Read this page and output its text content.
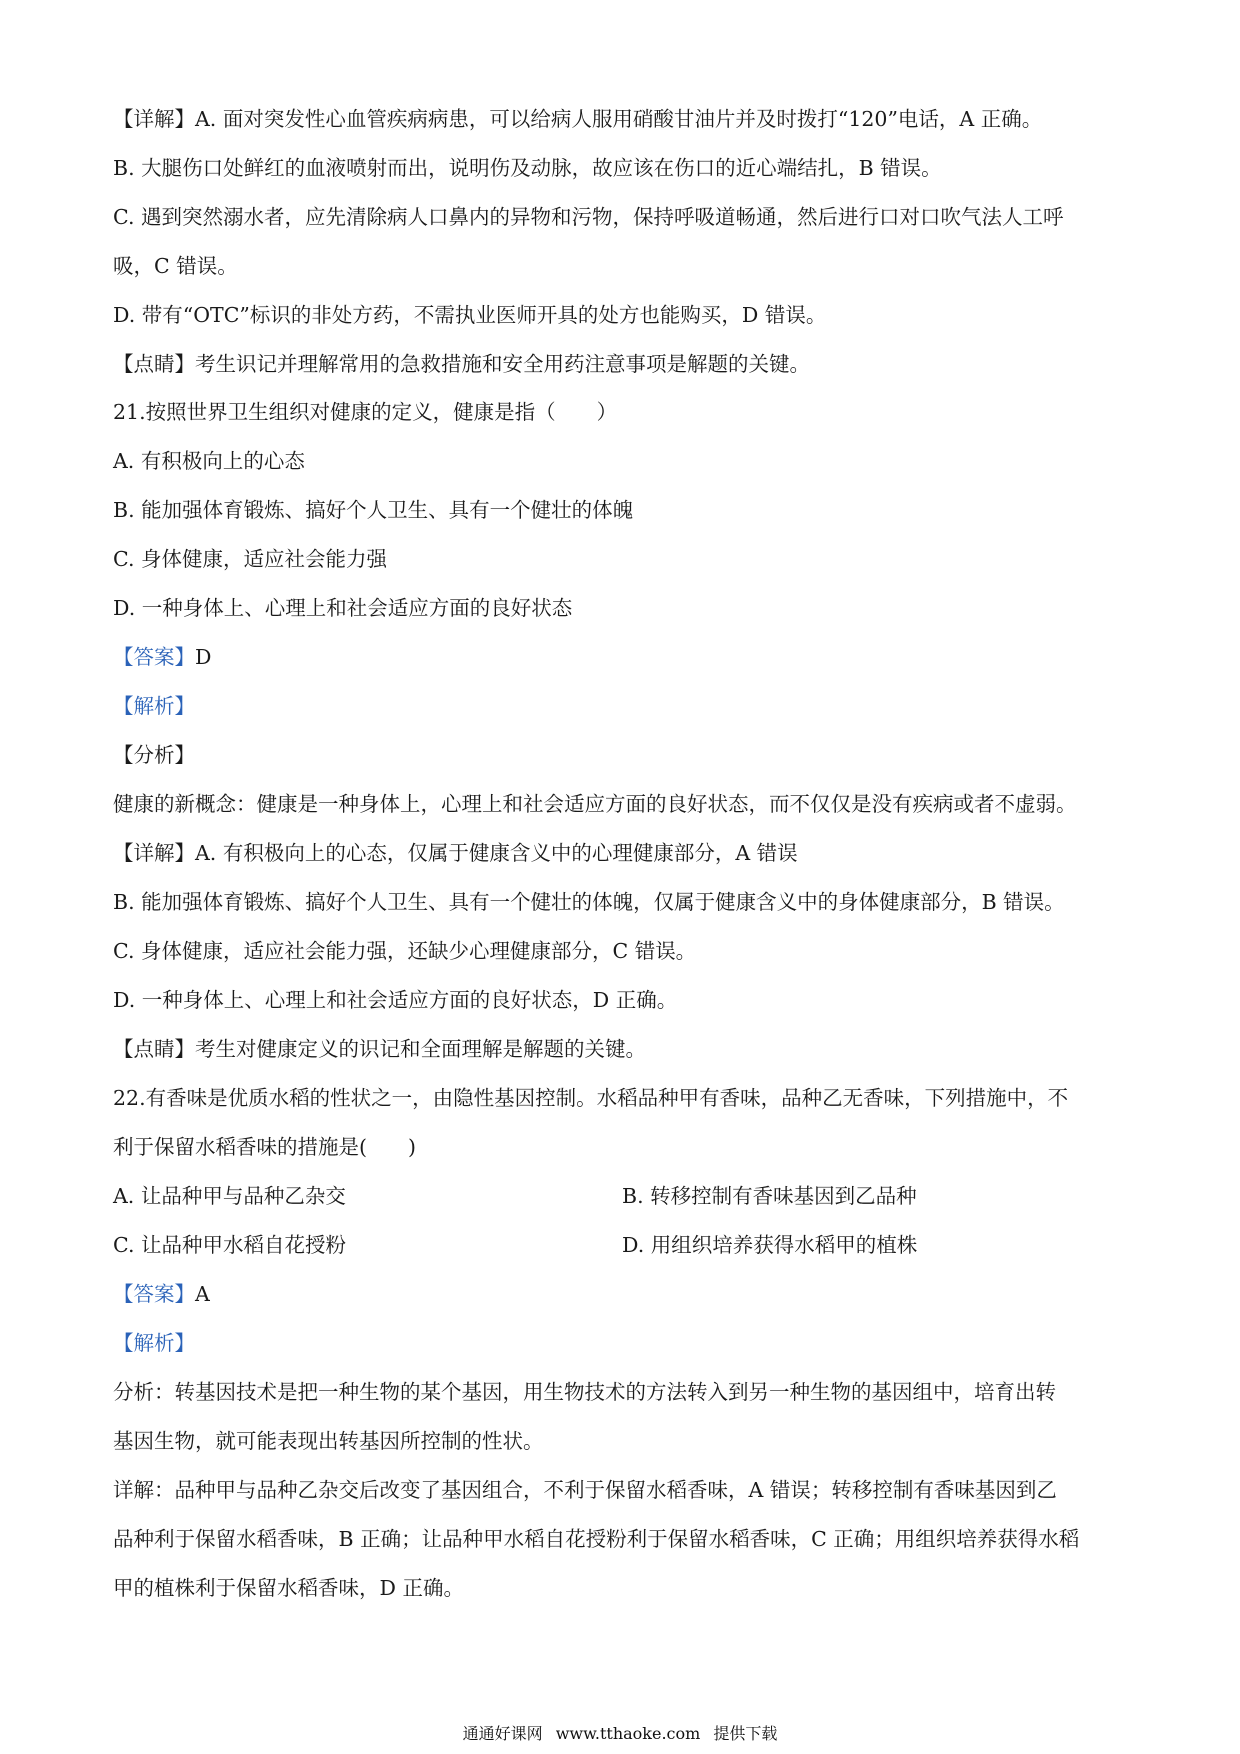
【详解】A. 面对突发性心血管疾病病患，可以给病人服用硝酸甘油片并及时拨打“120”电话，A 正确。
B. 大腿伤口处鲜红的血液喷射而出，说明伤及动脉，故应该在伤口的近心端结扎，B 错误。
C. 遇到突然溺水者，应先清除病人口鼻内的异物和污物，保持呼吸道畅通，然后进行口对口吹气法人工呼
吸，C 错误。
D. 带有“OTC”标识的非处方药，不需执业医师开具的处方也能购买，D 错误。
【点睛】考生识记并理解常用的急救措施和安全用药注意事项是解题的关键。
21.按照世界卫生组织对健康的定义，健康是指（　　）
A. 有积极向上的心态
B. 能加强体育锻炼、搞好个人卫生、具有一个健壮的体魄
C. 身体健康，适应社会能力强
D. 一种身体上、心理上和社会适应方面的良好状态
【答案】D
【解析】
【分析】
健康的新概念：健康是一种身体上，心理上和社会适应方面的良好状态，而不仅仅是没有疾病或者不虚弱。
【详解】A. 有积极向上的心态，仅属于健康含义中的心理健康部分，A 错误
B. 能加强体育锻炼、搞好个人卫生、具有一个健壮的体魄，仅属于健康含义中的身体健康部分，B 错误。
C. 身体健康，适应社会能力强，还缺少心理健康部分，C 错误。
D. 一种身体上、心理上和社会适应方面的良好状态，D 正确。
【点睛】考生对健康定义的识记和全面理解是解题的关键。
22.有香味是优质水稻的性状之一，由隐性基因控制。水稻品种甲有香味，品种乙无香味，下列措施中，不
利于保留水稻香味的措施是(　　)
A. 让品种甲与品种乙杂交	B. 转移控制有香味基因到乙品种
C. 让品种甲水稻自花授粉	D. 用组织培养获得水稻甲的植株
【答案】A
【解析】
分析：转基因技术是把一种生物的某个基因，用生物技术的方法转入到另一种生物的基因组中，培育出转
基因生物，就可能表现出转基因所控制的性状。
详解：品种甲与品种乙杂交后改变了基因组合，不利于保留水稻香味，A 错误；转移控制有香味基因到乙
品种利于保留水稻香味，B 正确；让品种甲水稻自花授粉利于保留水稻香味，C 正确；用组织培养获得水稻
甲的植株利于保留水稻香味，D 正确。
通通好课网 www.tthaoke.com 提供下载
